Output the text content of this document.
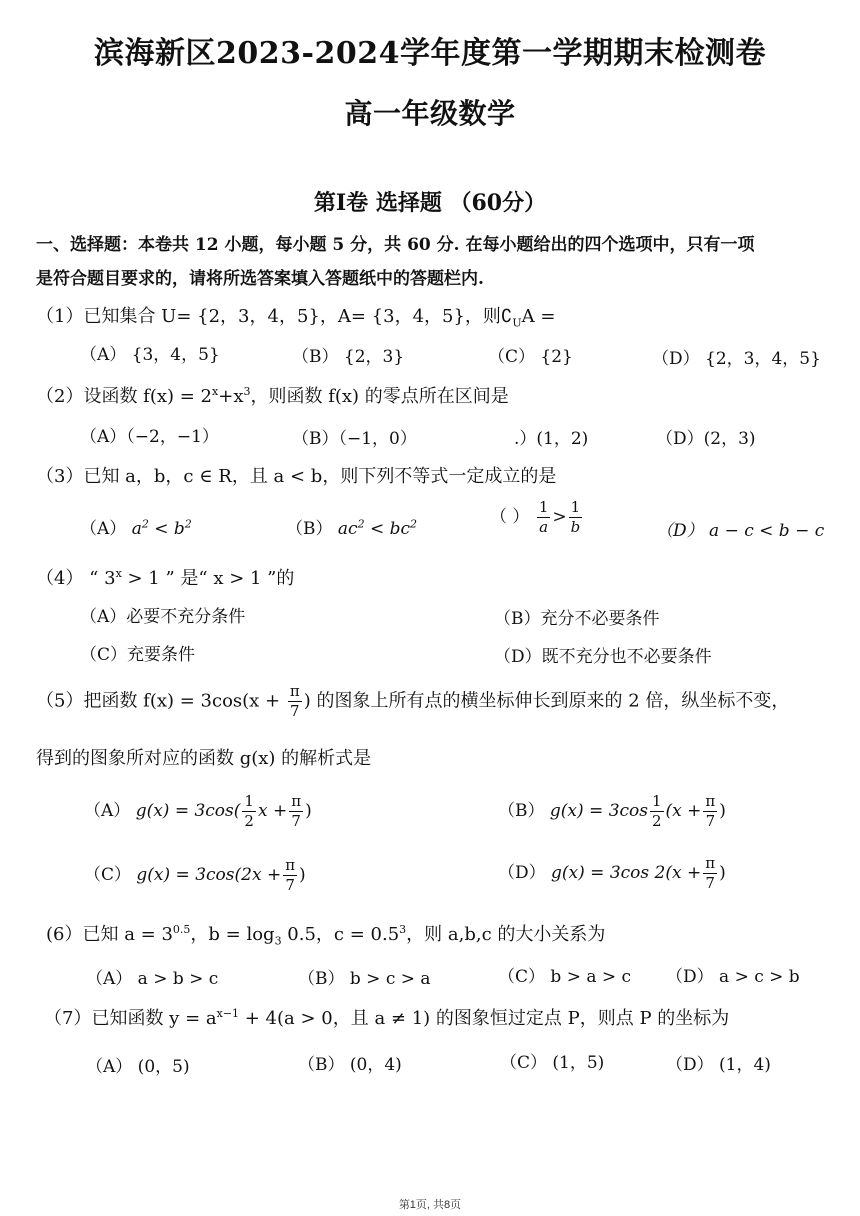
滨海新区2023-2024学年度第一学期期末检测卷
高一年级数学
第I卷 选择题 （60分）
一、选择题：本卷共 12 小题，每小题 5 分，共 60 分. 在每小题给出的四个选项中，只有一项
是符合题目要求的，请将所选答案填入答题纸中的答题栏内.
（1）已知集合 U= {2，3，4，5}，A= {3，4，5}，则$∁_UA$ =
（A） {3，4，5}	（B） {2，3}	（C） {2}	（D） {2，3，4，5}
（2）设函数 $f(x) = 2^x+x^3$，则函数 f(x) 的零点所在区间是
（A）（−2，−1）	（B）（−1，0）	.）(1，2)	（D）(2，3)
（3）已知 a，b，c ∈ R，且 a < b，则下列不等式一定成立的是
（A） $a^2 < b^2$	（B） $ac^2 < bc^2$	（ ） $\frac{1}{a} > \frac{1}{b}$	（D） a − c < b − c
（4） “ $3^x > 1$ ” 是“ x > 1 ”的
（A）必要不充分条件	（B）充分不必要条件
（C）充要条件	（D）既不充分也不必要条件
（5）把函数 $f(x) = 3\cos(x + \frac{\pi}{7}$ ) 的图象上所有点的横坐标伸长到原来的 2 倍，纵坐标不变，
得到的图象所对应的函数 g(x) 的解析式是
（A） $g(x) = 3\cos( \frac{1}{2}$ $x + \frac{\pi}{7}$ )	（B） $g(x) = 3\cos \frac{1}{2} (x + \frac{\pi}{7}$ )
（C） $g(x) = 3\cos(2x + \frac{\pi}{7}$ )	（D） g(x) = 3cos $2(x + \frac{\pi}{7}$ )
(6）已知 $a = 3^{0.5}$，$b = \log_3 0.5$，$c = 0.5^3$，则 a,b,c 的大小关系为
（A） a > b > c	（B） b > c > a	（C） b > a > c （D） a > c > b
（7）已知函数 $y = a^{x-1} + 4(a > 0$，且 a ≠ 1) 的图象恒过定点 P，则点 P 的坐标为
（A） (0，5)	（B） (0，4)	（C） (1，5)	（D） (1，4)
第1页, 共8页
